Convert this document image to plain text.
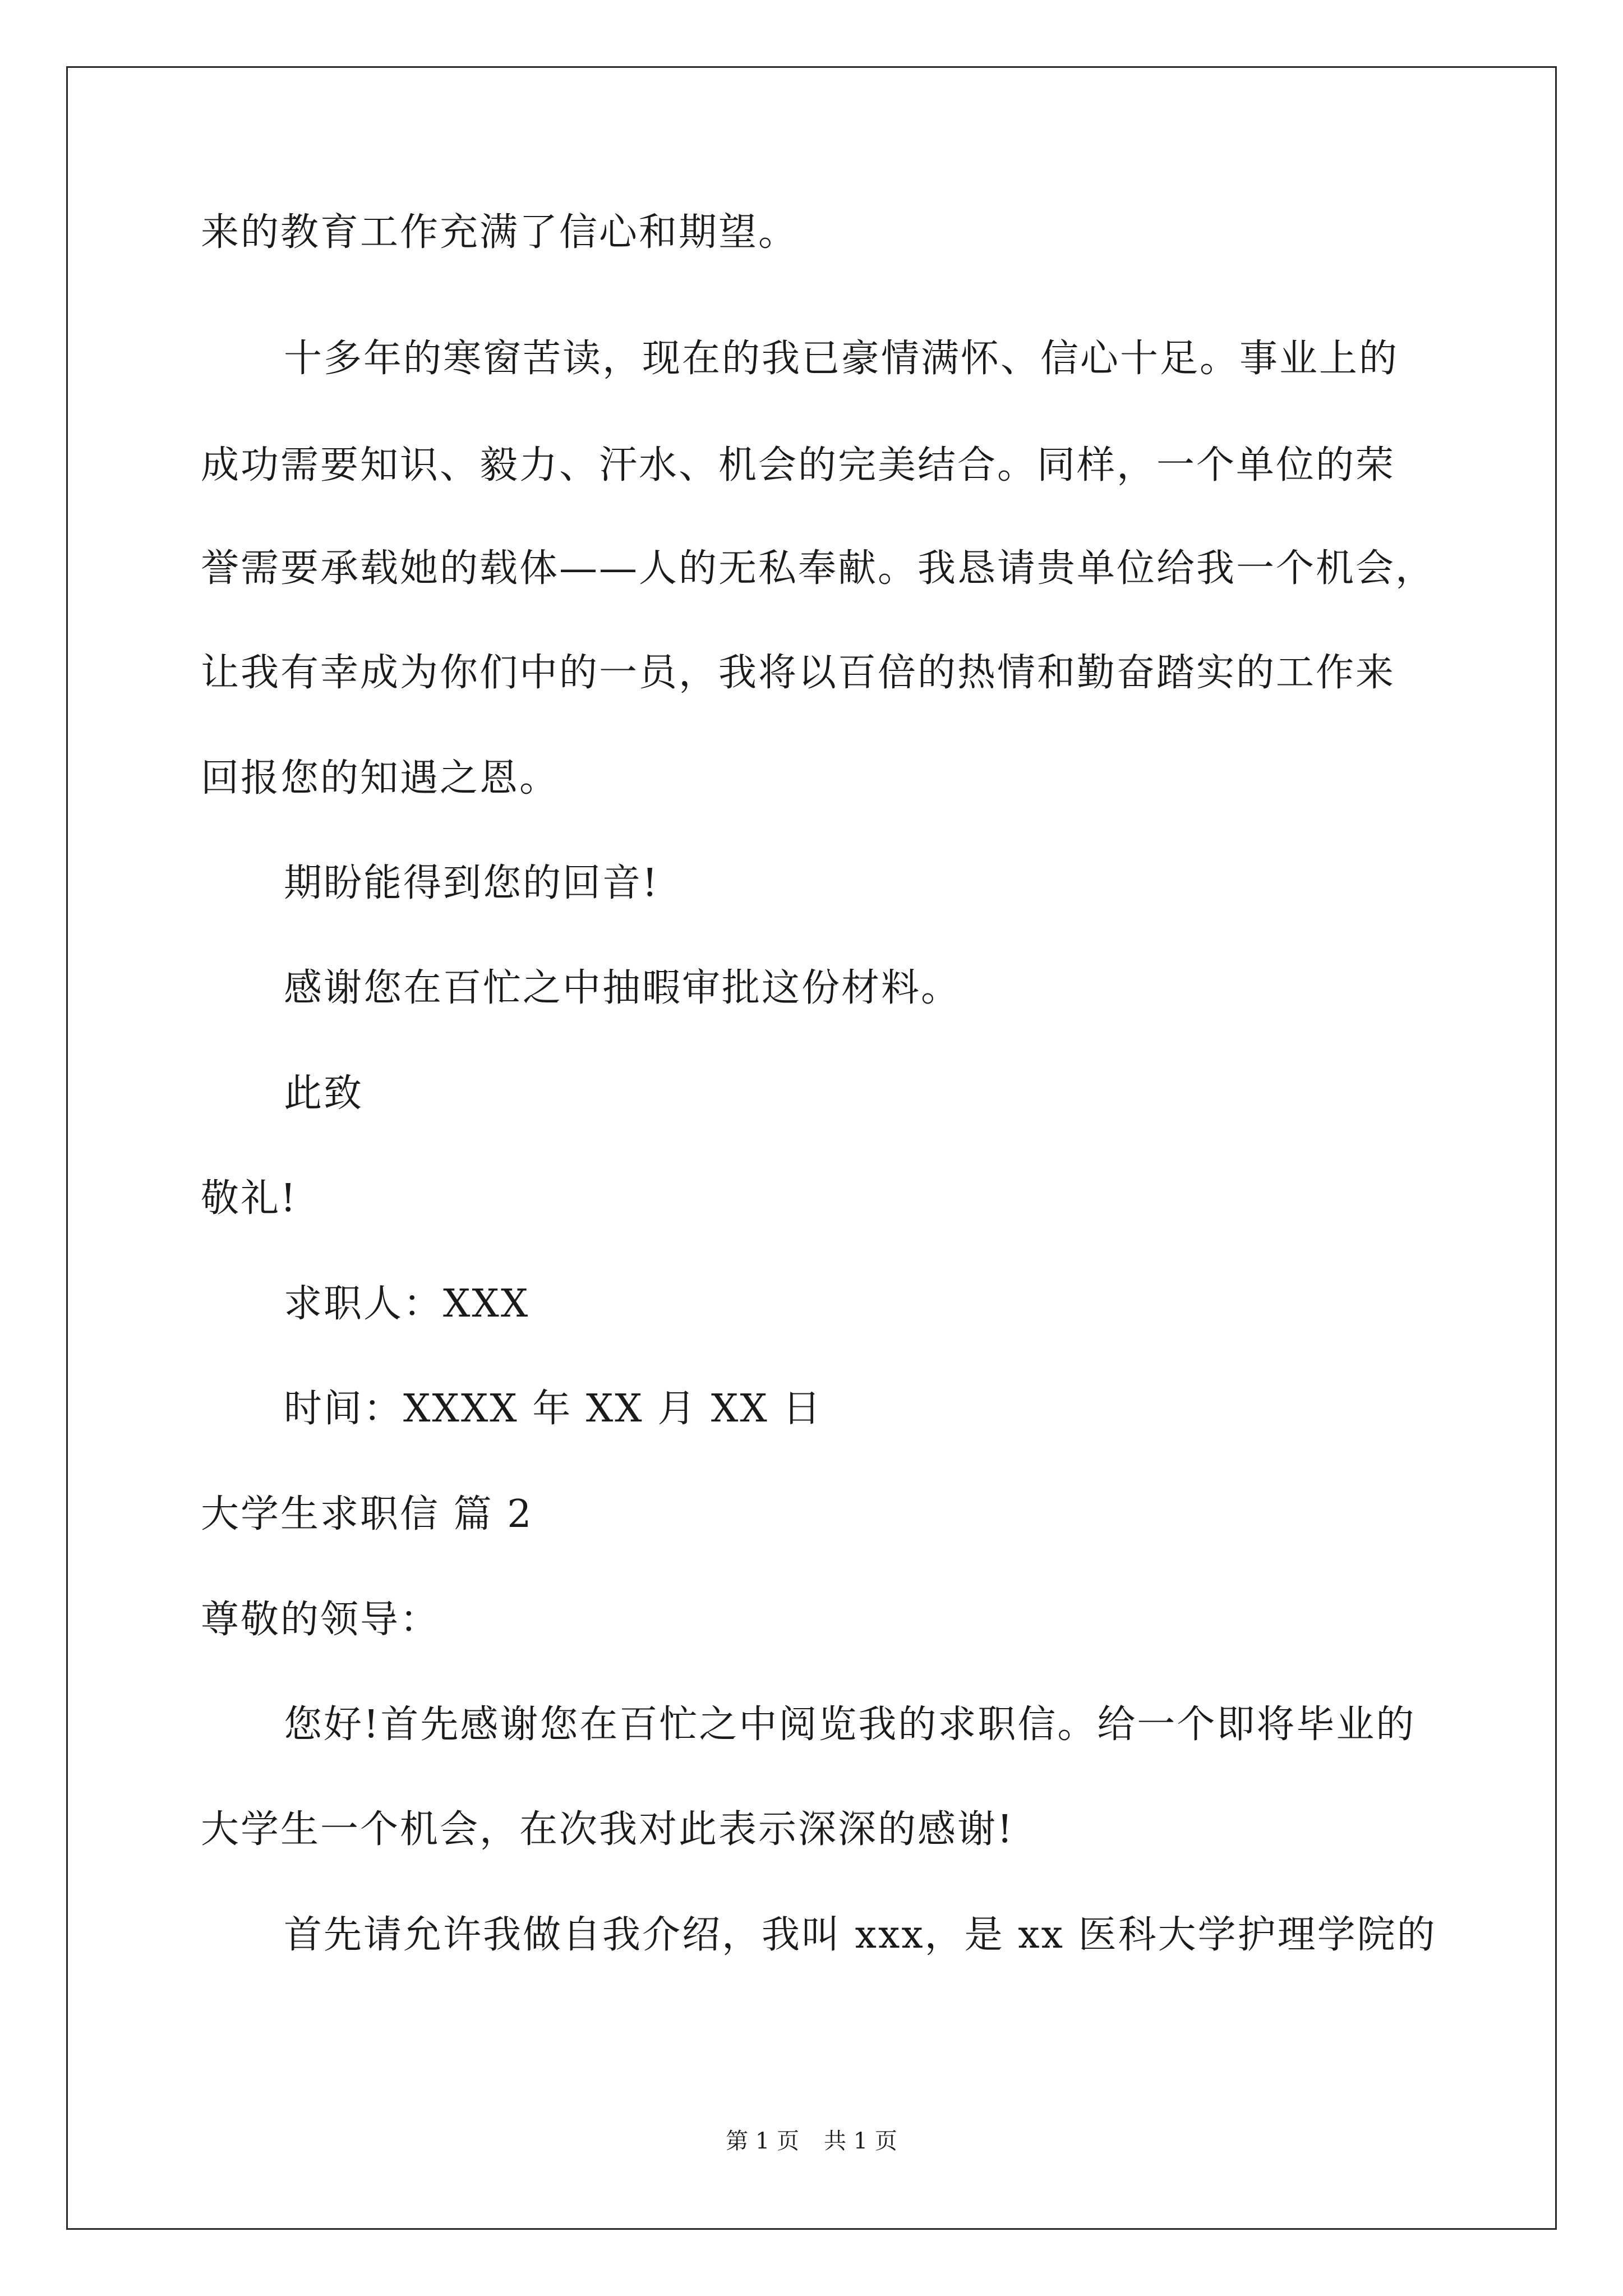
来的教育工作充满了信心和期望。
十多年的寒窗苦读，现在的我已豪情满怀、信心十足。事业上的
成功需要知识、毅力、汗水、机会的完美结合。同样，一个单位的荣
誉需要承载她的载体——人的无私奉献。我恳请贵单位给我一个机会，
让我有幸成为你们中的一员，我将以百倍的热情和勤奋踏实的工作来
回报您的知遇之恩。
期盼能得到您的回音!
感谢您在百忙之中抽暇审批这份材料。
此致
敬礼!
求职人：XXX
时间：XXXX 年 XX 月 XX 日
大学生求职信 篇 2
尊敬的领导：
您好!首先感谢您在百忙之中阅览我的求职信。给一个即将毕业的
大学生一个机会，在次我对此表示深深的感谢!
首先请允许我做自我介绍，我叫 xxx，是 xx 医科大学护理学院的
第 1 页 共 1 页
